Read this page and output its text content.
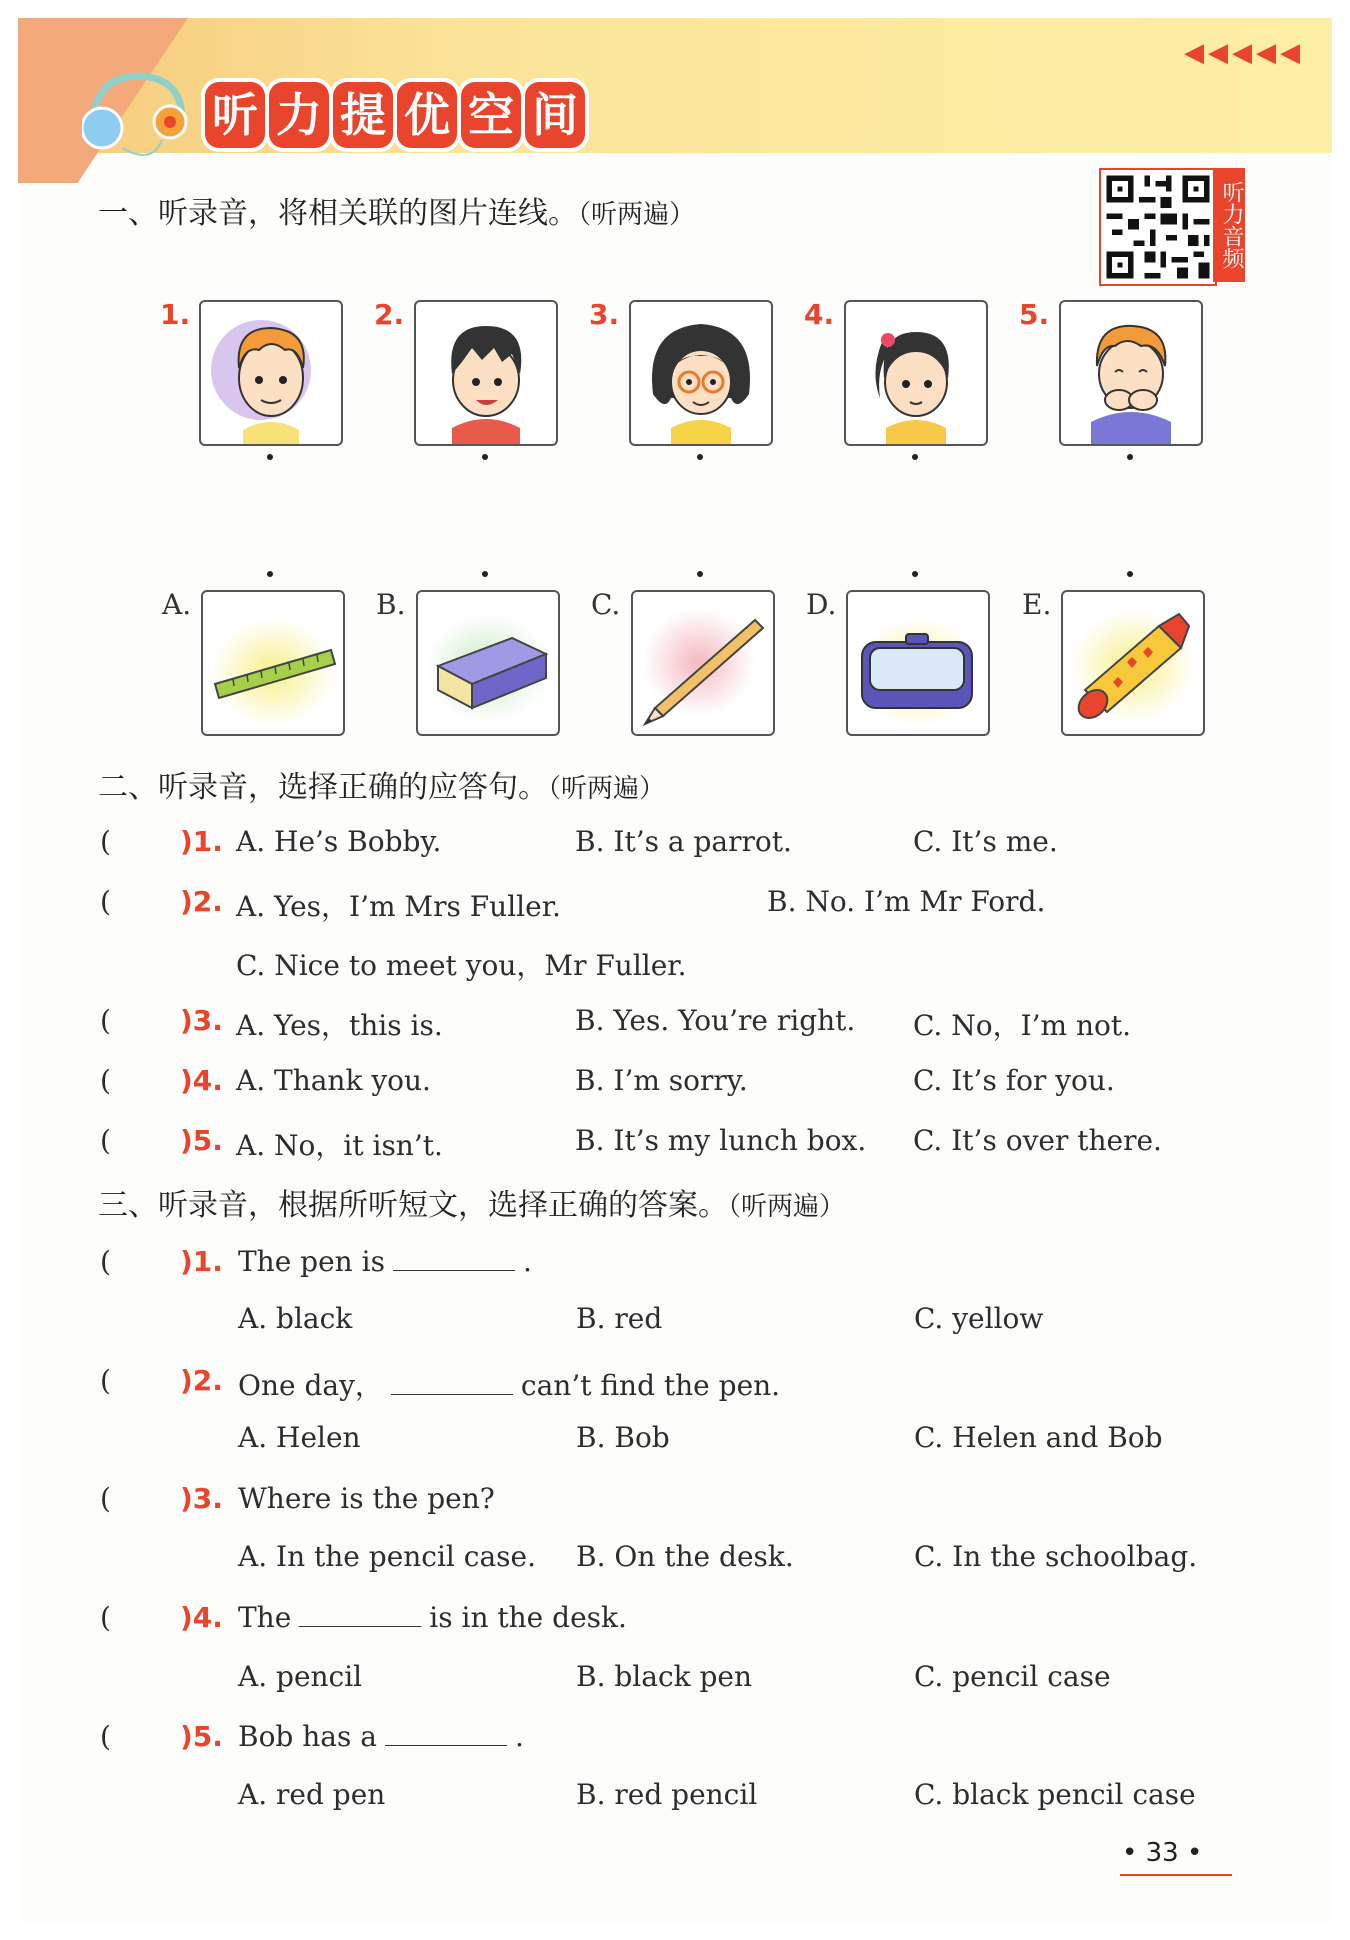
◀◀◀◀◀
听 力 提 优 空 间
听力音频
一、听录音，将相关联的图片连线。（听两遍）
1.	2.	3.	4.	5.
A.	B.	C.	D.	E.
二、听录音，选择正确的应答句。（听两遍）
( )1. A. He’s Bobby.	B. It’s a parrot.	C. It’s me.
( )2. A. Yes，I’m Mrs Fuller.	B. No. I’m Mr Ford.
C. Nice to meet you，Mr Fuller.
( )3. A. Yes，this is.	B. Yes. You’re right. C. No，I’m not.
( )4. A. Thank you.	B. I’m sorry.	C. It’s for you.
( )5. A. No，it isn’t.	B. It’s my lunch box. C. It’s over there.
三、听录音，根据所听短文，选择正确的答案。（听两遍）
( )1. The pen is	.
A. black	B. red	C. yellow
( )2. One day，	can’t find the pen.
A. Helen	B. Bob	C. Helen and Bob
( )3. Where is the pen?
A. In the pencil case. B. On the desk.	C. In the schoolbag.
( )4. The	is in the desk.
A. pencil	B. black pen	C. pencil case
( )5. Bob has a	.
A. red pen	B. red pencil	C. black pencil case
• 33 •
